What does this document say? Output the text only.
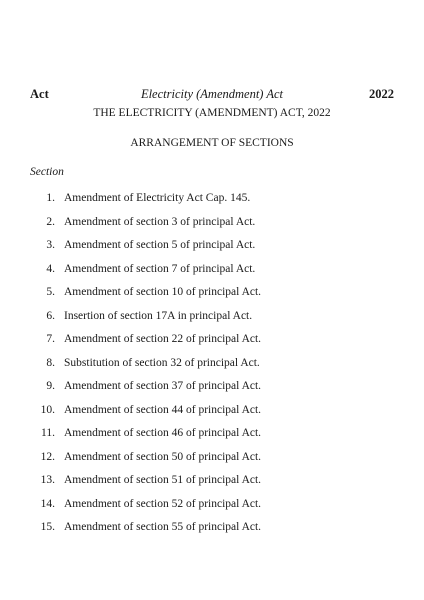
Act	Electricity (Amendment) Act	2022
THE ELECTRICITY (AMENDMENT) ACT, 2022
ARRANGEMENT OF SECTIONS
Section
1. Amendment of Electricity Act Cap. 145.
2. Amendment of section 3 of principal Act.
3. Amendment of section 5 of principal Act.
4. Amendment of section 7 of principal Act.
5. Amendment of section 10 of principal Act.
6. Insertion of section 17A in principal Act.
7. Amendment of section 22 of principal Act.
8. Substitution of section 32 of principal Act.
9. Amendment of section 37 of principal Act.
10. Amendment of section 44 of principal Act.
11. Amendment of section 46 of principal Act.
12. Amendment of section 50 of principal Act.
13. Amendment of section 51 of principal Act.
14. Amendment of section 52 of principal Act.
15. Amendment of section 55 of principal Act.
